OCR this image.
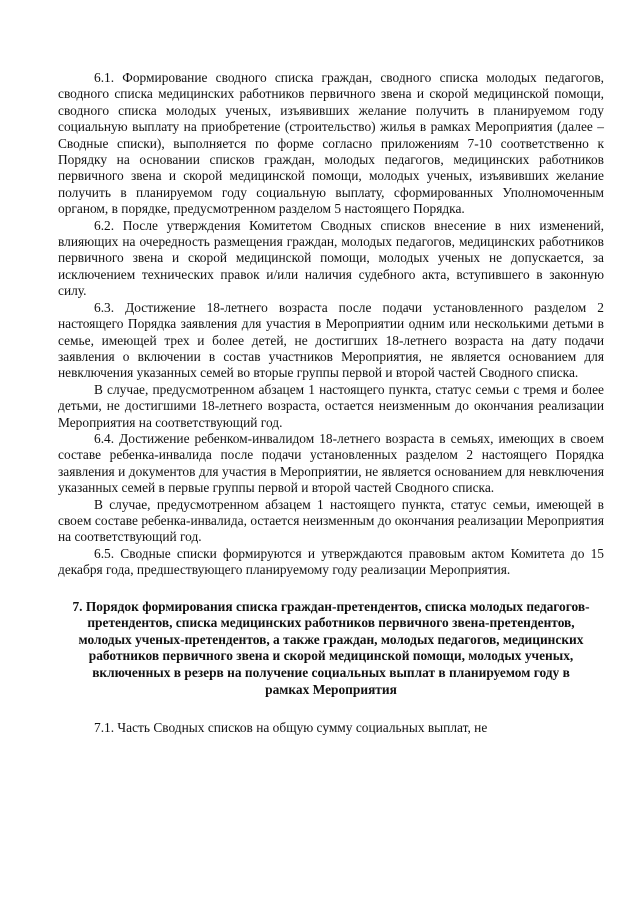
6.1. Формирование сводного списка граждан, сводного списка молодых педагогов, сводного списка медицинских работников первичного звена и скорой медицинской помощи, сводного списка молодых ученых, изъявивших желание получить в планируемом году социальную выплату на приобретение (строительство) жилья в рамках Мероприятия (далее – Сводные списки), выполняется по форме согласно приложениям 7-10 соответственно к Порядку на основании списков граждан, молодых педагогов, медицинских работников первичного звена и скорой медицинской помощи, молодых ученых, изъявивших желание получить в планируемом году социальную выплату, сформированных Уполномоченным органом, в порядке, предусмотренном разделом 5 настоящего Порядка.

6.2. После утверждения Комитетом Сводных списков внесение в них изменений, влияющих на очередность размещения граждан, молодых педагогов, медицинских работников первичного звена и скорой медицинской помощи, молодых ученых не допускается, за исключением технических правок и/или наличия судебного акта, вступившего в законную силу.

6.3. Достижение 18-летнего возраста после подачи установленного разделом 2 настоящего Порядка заявления для участия в Мероприятии одним или несколькими детьми в семье, имеющей трех и более детей, не достигших 18-летнего возраста на дату подачи заявления о включении в состав участников Мероприятия, не является основанием для невключения указанных семей во вторые группы первой и второй частей Сводного списка.

В случае, предусмотренном абзацем 1 настоящего пункта, статус семьи с тремя и более детьми, не достигшими 18-летнего возраста, остается неизменным до окончания реализации Мероприятия на соответствующий год.

6.4. Достижение ребенком-инвалидом 18-летнего возраста в семьях, имеющих в своем составе ребенка-инвалида после подачи установленных разделом 2 настоящего Порядка заявления и документов для участия в Мероприятии, не является основанием для невключения указанных семей в первые группы первой и второй частей Сводного списка.

В случае, предусмотренном абзацем 1 настоящего пункта, статус семьи, имеющей в своем составе ребенка-инвалида, остается неизменным до окончания реализации Мероприятия на соответствующий год.

6.5. Сводные списки формируются и утверждаются правовым актом Комитета до 15 декабря года, предшествующего планируемому году реализации Мероприятия.

7. Порядок формирования списка граждан-претендентов, списка молодых педагогов-претендентов, списка медицинских работников первичного звена-претендентов, молодых ученых-претендентов, а также граждан, молодых педагогов, медицинских работников первичного звена и скорой медицинской помощи, молодых ученых, включенных в резерв на получение социальных выплат в планируемом году в рамках Мероприятия

7.1. Часть Сводных списков на общую сумму социальных выплат, не
